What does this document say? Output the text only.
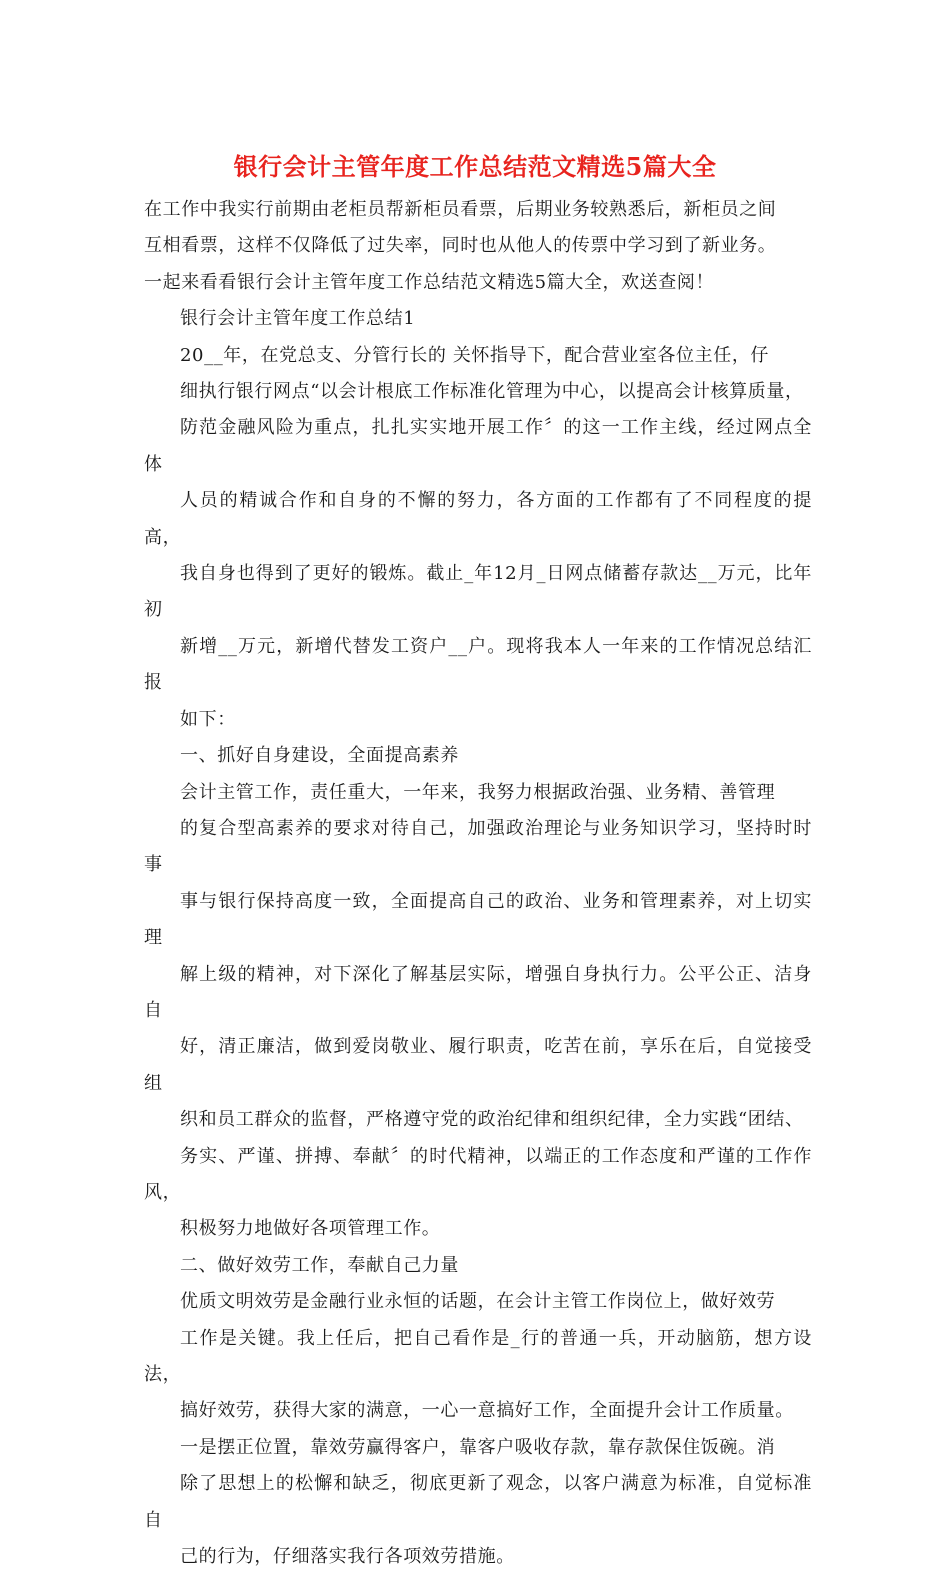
银行会计主管年度工作总结范文精选5篇大全

在工作中我实行前期由老柜员帮新柜员看票，后期业务较熟悉后，新柜员之间
互相看票，这样不仅降低了过失率，同时也从他人的传票中学习到了新业务。
一起来看看银行会计主管年度工作总结范文精选5篇大全，欢送查阅！

银行会计主管年度工作总结1

20__年，在党总支、分管行长的 关怀指导下，配合营业室各位主任，仔
细执行银行网点“以会计根底工作标准化管理为中心，以提高会计核算质量，
防范金融风险为重点，扎扎实实地开展工作〞的这一工作主线，经过网点全体
人员的精诚合作和自身的不懈的努力，各方面的工作都有了不同程度的提高，
我自身也得到了更好的锻炼。截止_年12月_日网点储蓄存款达__万元，比年初
新增__万元，新增代替发工资户__户。现将我本人一年来的工作情况总结汇报
如下：

一、抓好自身建设，全面提高素养

会计主管工作，责任重大，一年来，我努力根据政治强、业务精、善管理
的复合型高素养的要求对待自己，加强政治理论与业务知识学习，坚持时时事
事与银行保持高度一致，全面提高自己的政治、业务和管理素养，对上切实理
解上级的精神，对下深化了解基层实际，增强自身执行力。公平公正、洁身自
好，清正廉洁，做到爱岗敬业、履行职责，吃苦在前，享乐在后，自觉接受组
织和员工群众的监督，严格遵守党的政治纪律和组织纪律，全力实践“团结、
务实、严谨、拼搏、奉献〞的时代精神，以端正的工作态度和严谨的工作作风，
积极努力地做好各项管理工作。

二、做好效劳工作，奉献自己力量

优质文明效劳是金融行业永恒的话题，在会计主管工作岗位上，做好效劳
工作是关键。我上任后，把自己看作是_行的普通一兵，开动脑筋，想方设法，
搞好效劳，获得大家的满意，一心一意搞好工作，全面提升会计工作质量。

一是摆正位置，靠效劳赢得客户，靠客户吸收存款，靠存款保住饭碗。消
除了思想上的松懈和缺乏，彻底更新了观念，以客户满意为标准，自觉标准自
己的行为，仔细落实我行各项效劳措施。
